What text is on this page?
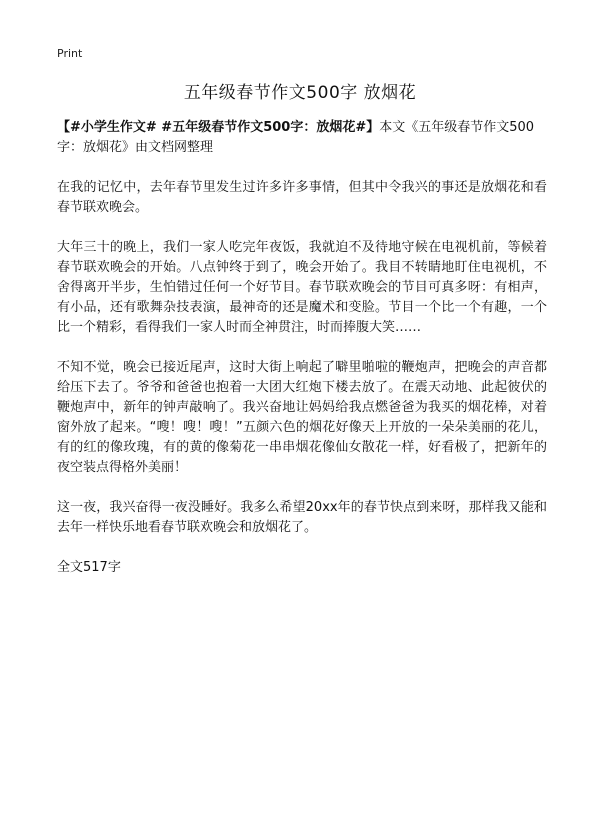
Print
五年级春节作文500字 放烟花

【#小学生作文# #五年级春节作文500字：放烟花#】本文《五年级春节作文500字：放烟花》由文档网整理

在我的记忆中，去年春节里发生过许多许多事情，但其中令我兴的事还是放烟花和看春节联欢晚会。

大年三十的晚上，我们一家人吃完年夜饭，我就迫不及待地守候在电视机前，等候着春节联欢晚会的开始。八点钟终于到了，晚会开始了。我目不转睛地盯住电视机，不舍得离开半步，生怕错过任何一个好节目。春节联欢晚会的节目可真多呀：有相声，有小品，还有歌舞杂技表演，最神奇的还是魔术和变脸。节目一个比一个有趣，一个比一个精彩，看得我们一家人时而全神贯注，时而捧腹大笑……

不知不觉，晚会已接近尾声，这时大街上响起了噼里啪啦的鞭炮声，把晚会的声音都给压下去了。爷爷和爸爸也抱着一大团大红炮下楼去放了。在震天动地、此起彼伏的鞭炮声中，新年的钟声敲响了。我兴奋地让妈妈给我点燃爸爸为我买的烟花棒，对着窗外放了起来。“嗖！嗖！嗖！”五颜六色的烟花好像天上开放的一朵朵美丽的花儿，有的红的像玫瑰，有的黄的像菊花一串串烟花像仙女散花一样，好看极了，把新年的夜空装点得格外美丽！

这一夜，我兴奋得一夜没睡好。我多么希望20xx年的春节快点到来呀，那样我又能和去年一样快乐地看春节联欢晚会和放烟花了。

全文517字
